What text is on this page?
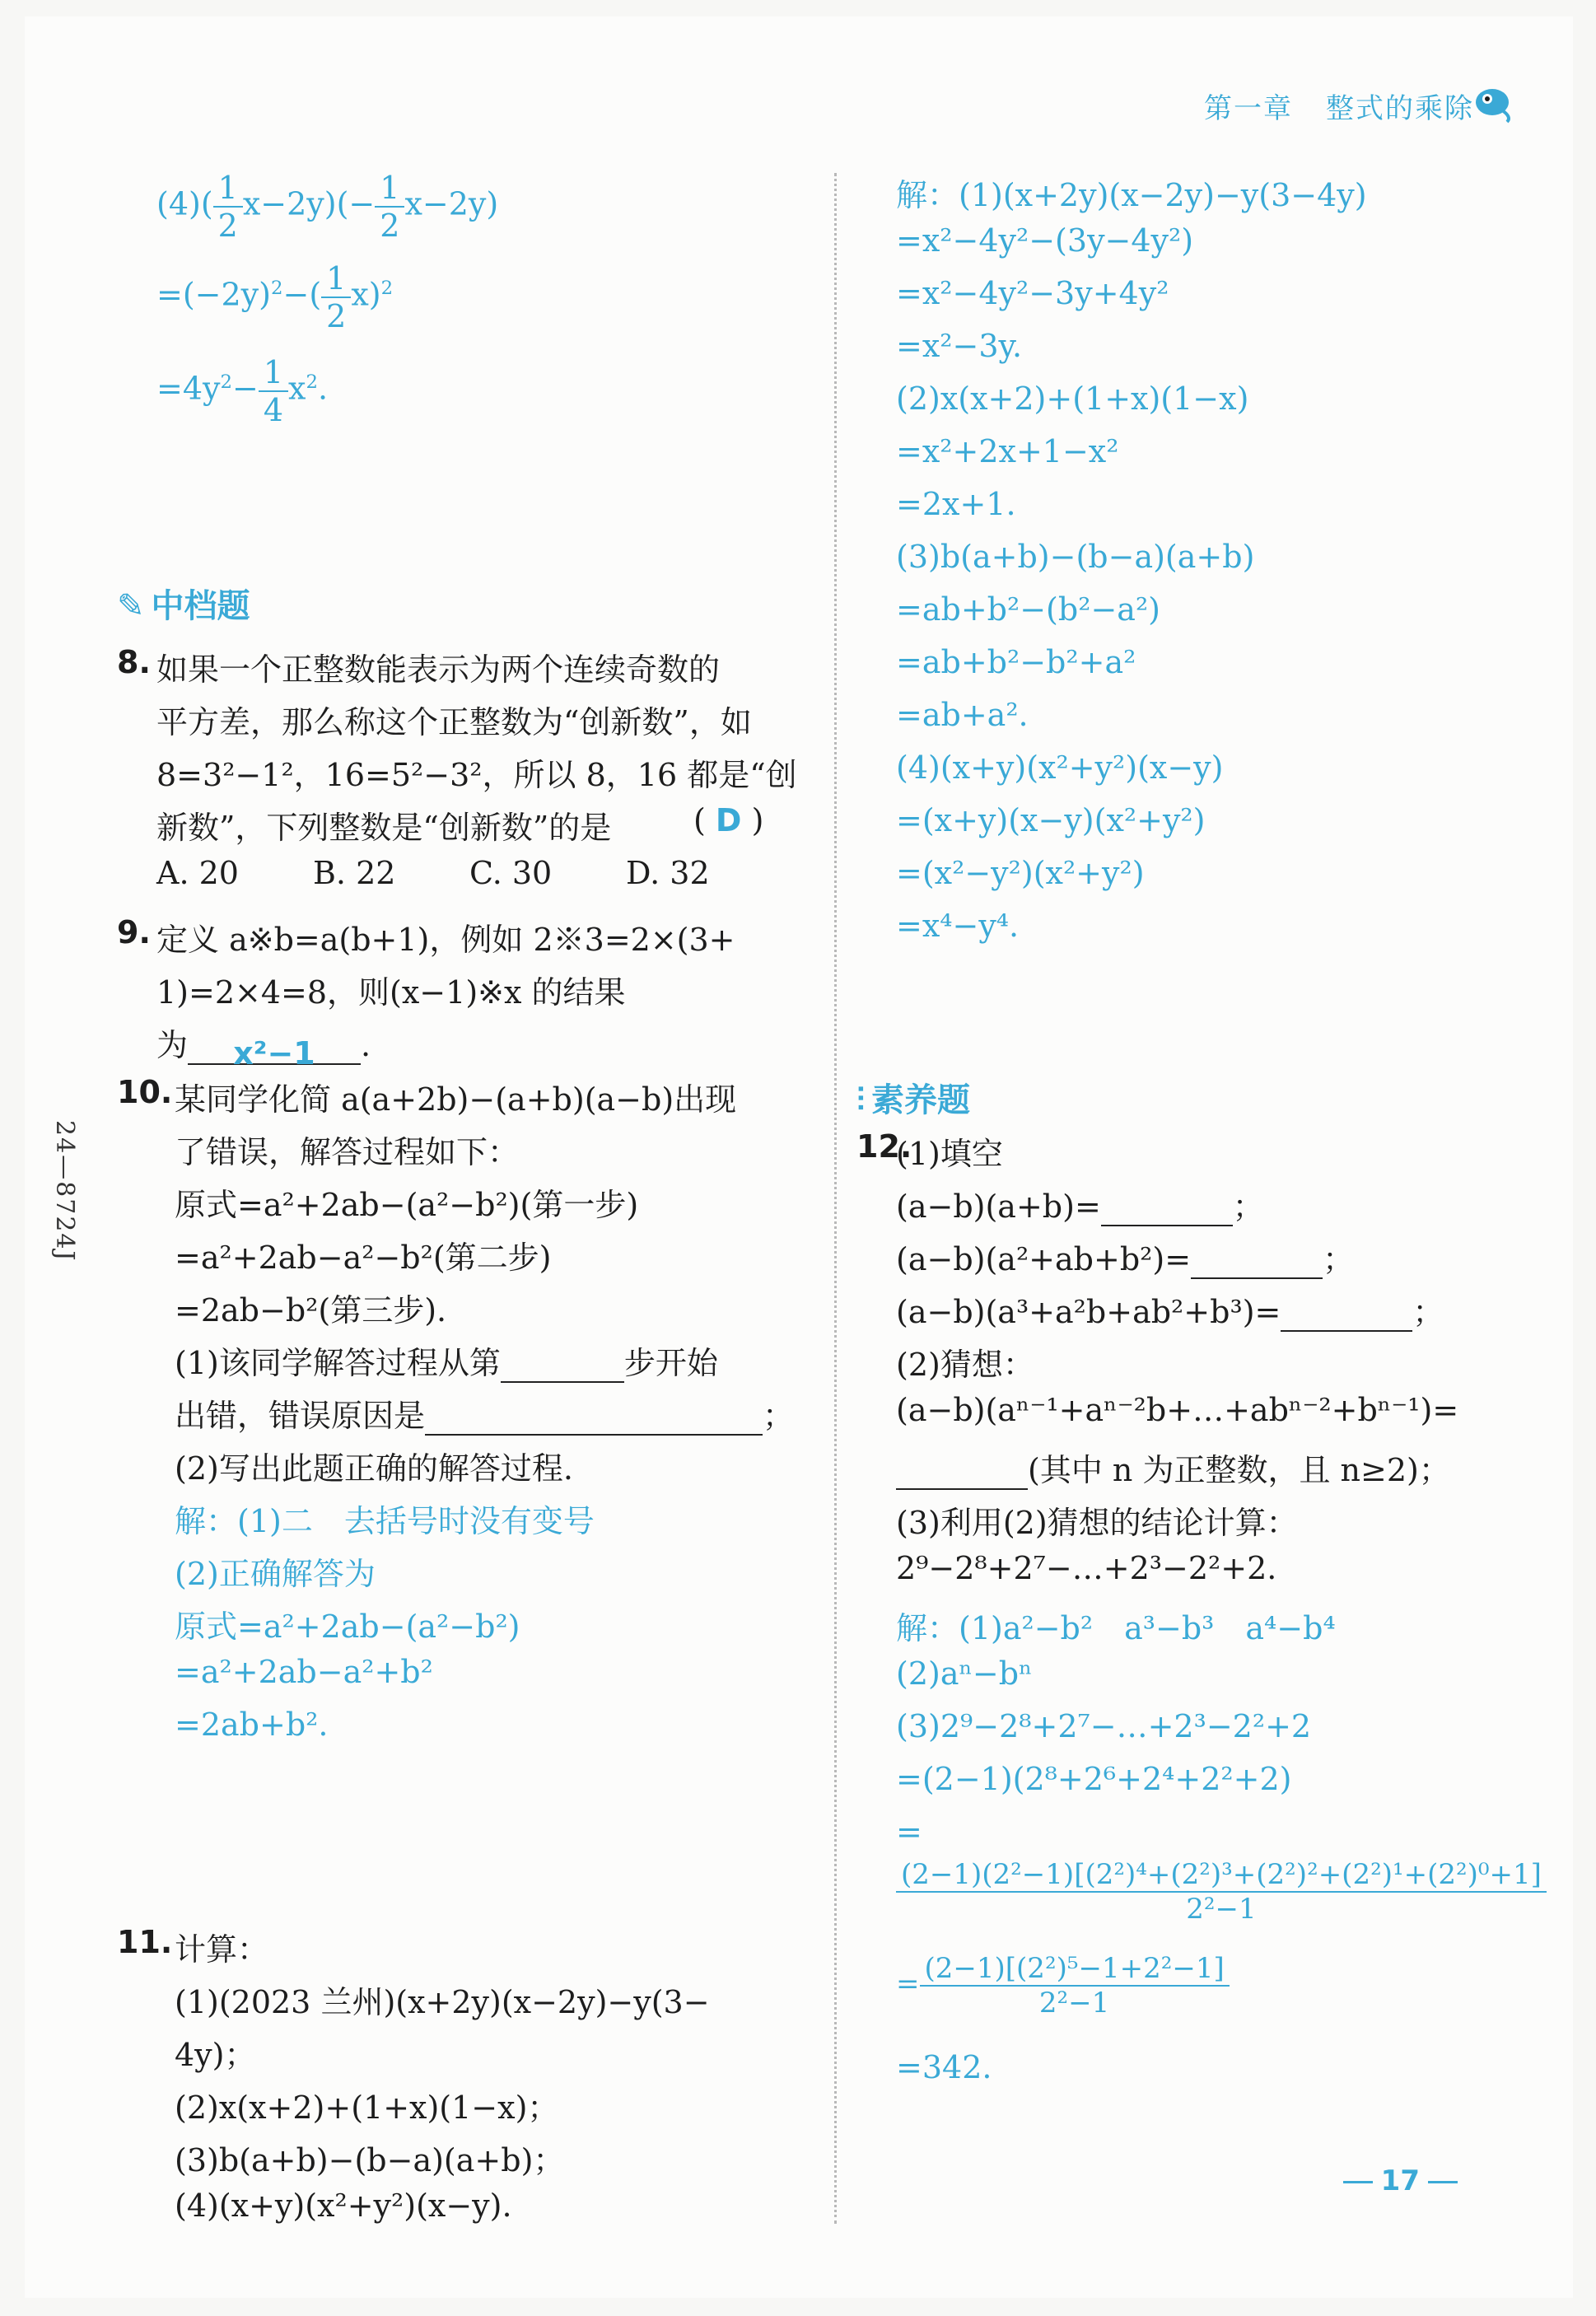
第一章 整式的乘除
24—8724J
$(4)( \frac{1}{2} x-2y)(- \frac{1}{2} x-2y)$
$=(-2y)^2-( \frac{1}{2} x)^2$
$=4y^2- \frac{1}{4} x^2$.
✎ 中档题
8. 如果一个正整数能表示为两个连续奇数的
平方差，那么称这个正整数为“创新数”，如
8=3²−1²，16=5²−3²，所以 8，16 都是“创
新数”，下列整数是“创新数”的是	( D )
A. 20 B. 22 C. 30 D. 32
9. 定义 a※b=a(b+1)，例如 2※3=2×(3+
1)=2×4=8，则(x−1)※x 的结果
为 x²−1 .
10. 某同学化简 a(a+2b)−(a+b)(a−b)出现
了错误，解答过程如下：
原式=a²+2ab−(a²−b²)(第一步)
=a²+2ab−a²−b²(第二步)
=2ab−b²(第三步).
(1)该同学解答过程从第	步开始
出错，错误原因是	；
(2)写出此题正确的解答过程.
解：(1)二　去括号时没有变号
(2)正确解答为
原式=a²+2ab−(a²−b²)
=a²+2ab−a²+b²
=2ab+b².
11. 计算：
(1)(2023 兰州)(x+2y)(x−2y)−y(3−
4y)；
(2)x(x+2)+(1+x)(1−x)；
(3)b(a+b)−(b−a)(a+b)；
(4)(x+y)(x²+y²)(x−y).
解：(1)(x+2y)(x−2y)−y(3−4y)
=x²−4y²−(3y−4y²)
=x²−4y²−3y+4y²
=x²−3y.
(2)x(x+2)+(1+x)(1−x)
=x²+2x+1−x²
=2x+1.
(3)b(a+b)−(b−a)(a+b)
=ab+b²−(b²−a²)
=ab+b²−b²+a²
=ab+a².
(4)(x+y)(x²+y²)(x−y)
=(x+y)(x−y)(x²+y²)
=(x²−y²)(x²+y²)
=x⁴−y⁴.
⫶ 素养题
12.
(1)填空
(a−b)(a+b)=	；
(a−b)(a²+ab+b²)=	；
(a−b)(a³+a²b+ab²+b³)=	；
(2)猜想：
(a−b)(aⁿ⁻¹+aⁿ⁻²b+…+abⁿ⁻²+bⁿ⁻¹)=
(其中 n 为正整数，且 n≥2)；
(3)利用(2)猜想的结论计算：
2⁹−2⁸+2⁷−…+2³−2²+2.
解：(1)a²−b²　a³−b³　a⁴−b⁴
(2)aⁿ−bⁿ
(3)2⁹−2⁸+2⁷−…+2³−2²+2
=(2−1)(2⁸+2⁶+2⁴+2²+2)
=
$\frac{\text{(2−1)(2²−1)[(2²)⁴+(2²)³+(2²)²+(2²)¹+(2²)⁰+1]}}{\text{2²−1}}$
= $\frac{\text{(2−1)[(2²)⁵−1+2²−1]}}{\text{2²−1}}$
=342.
17
